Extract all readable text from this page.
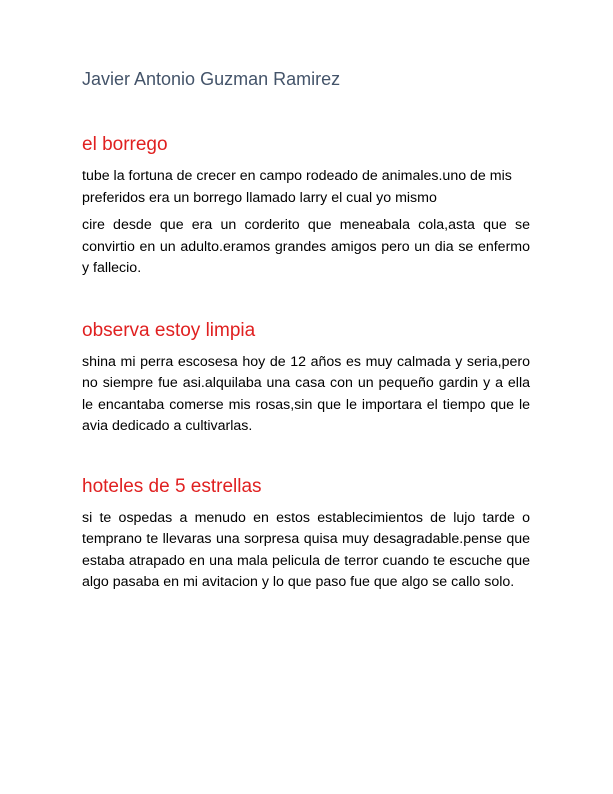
Javier Antonio Guzman Ramirez
el borrego

tube la fortuna de crecer en campo rodeado de animales.uno de mis preferidos era un borrego llamado larry el cual yo mismo

cire desde que era un corderito que meneabala cola,asta que se convirtio en un adulto.eramos grandes amigos pero un dia se enfermo y fallecio.

observa estoy limpia

shina mi perra escosesa hoy de 12 años es muy calmada y seria,pero no siempre fue asi.alquilaba una casa con un pequeño gardin y a ella le encantaba comerse mis rosas,sin que le importara el tiempo que le avia dedicado a cultivarlas.

hoteles de 5 estrellas

si te ospedas a menudo en estos establecimientos de lujo tarde o temprano te llevaras una sorpresa quisa muy desagradable.pense que estaba atrapado en una mala pelicula de terror cuando te escuche que algo pasaba en mi avitacion y lo que paso fue que algo se callo solo.
